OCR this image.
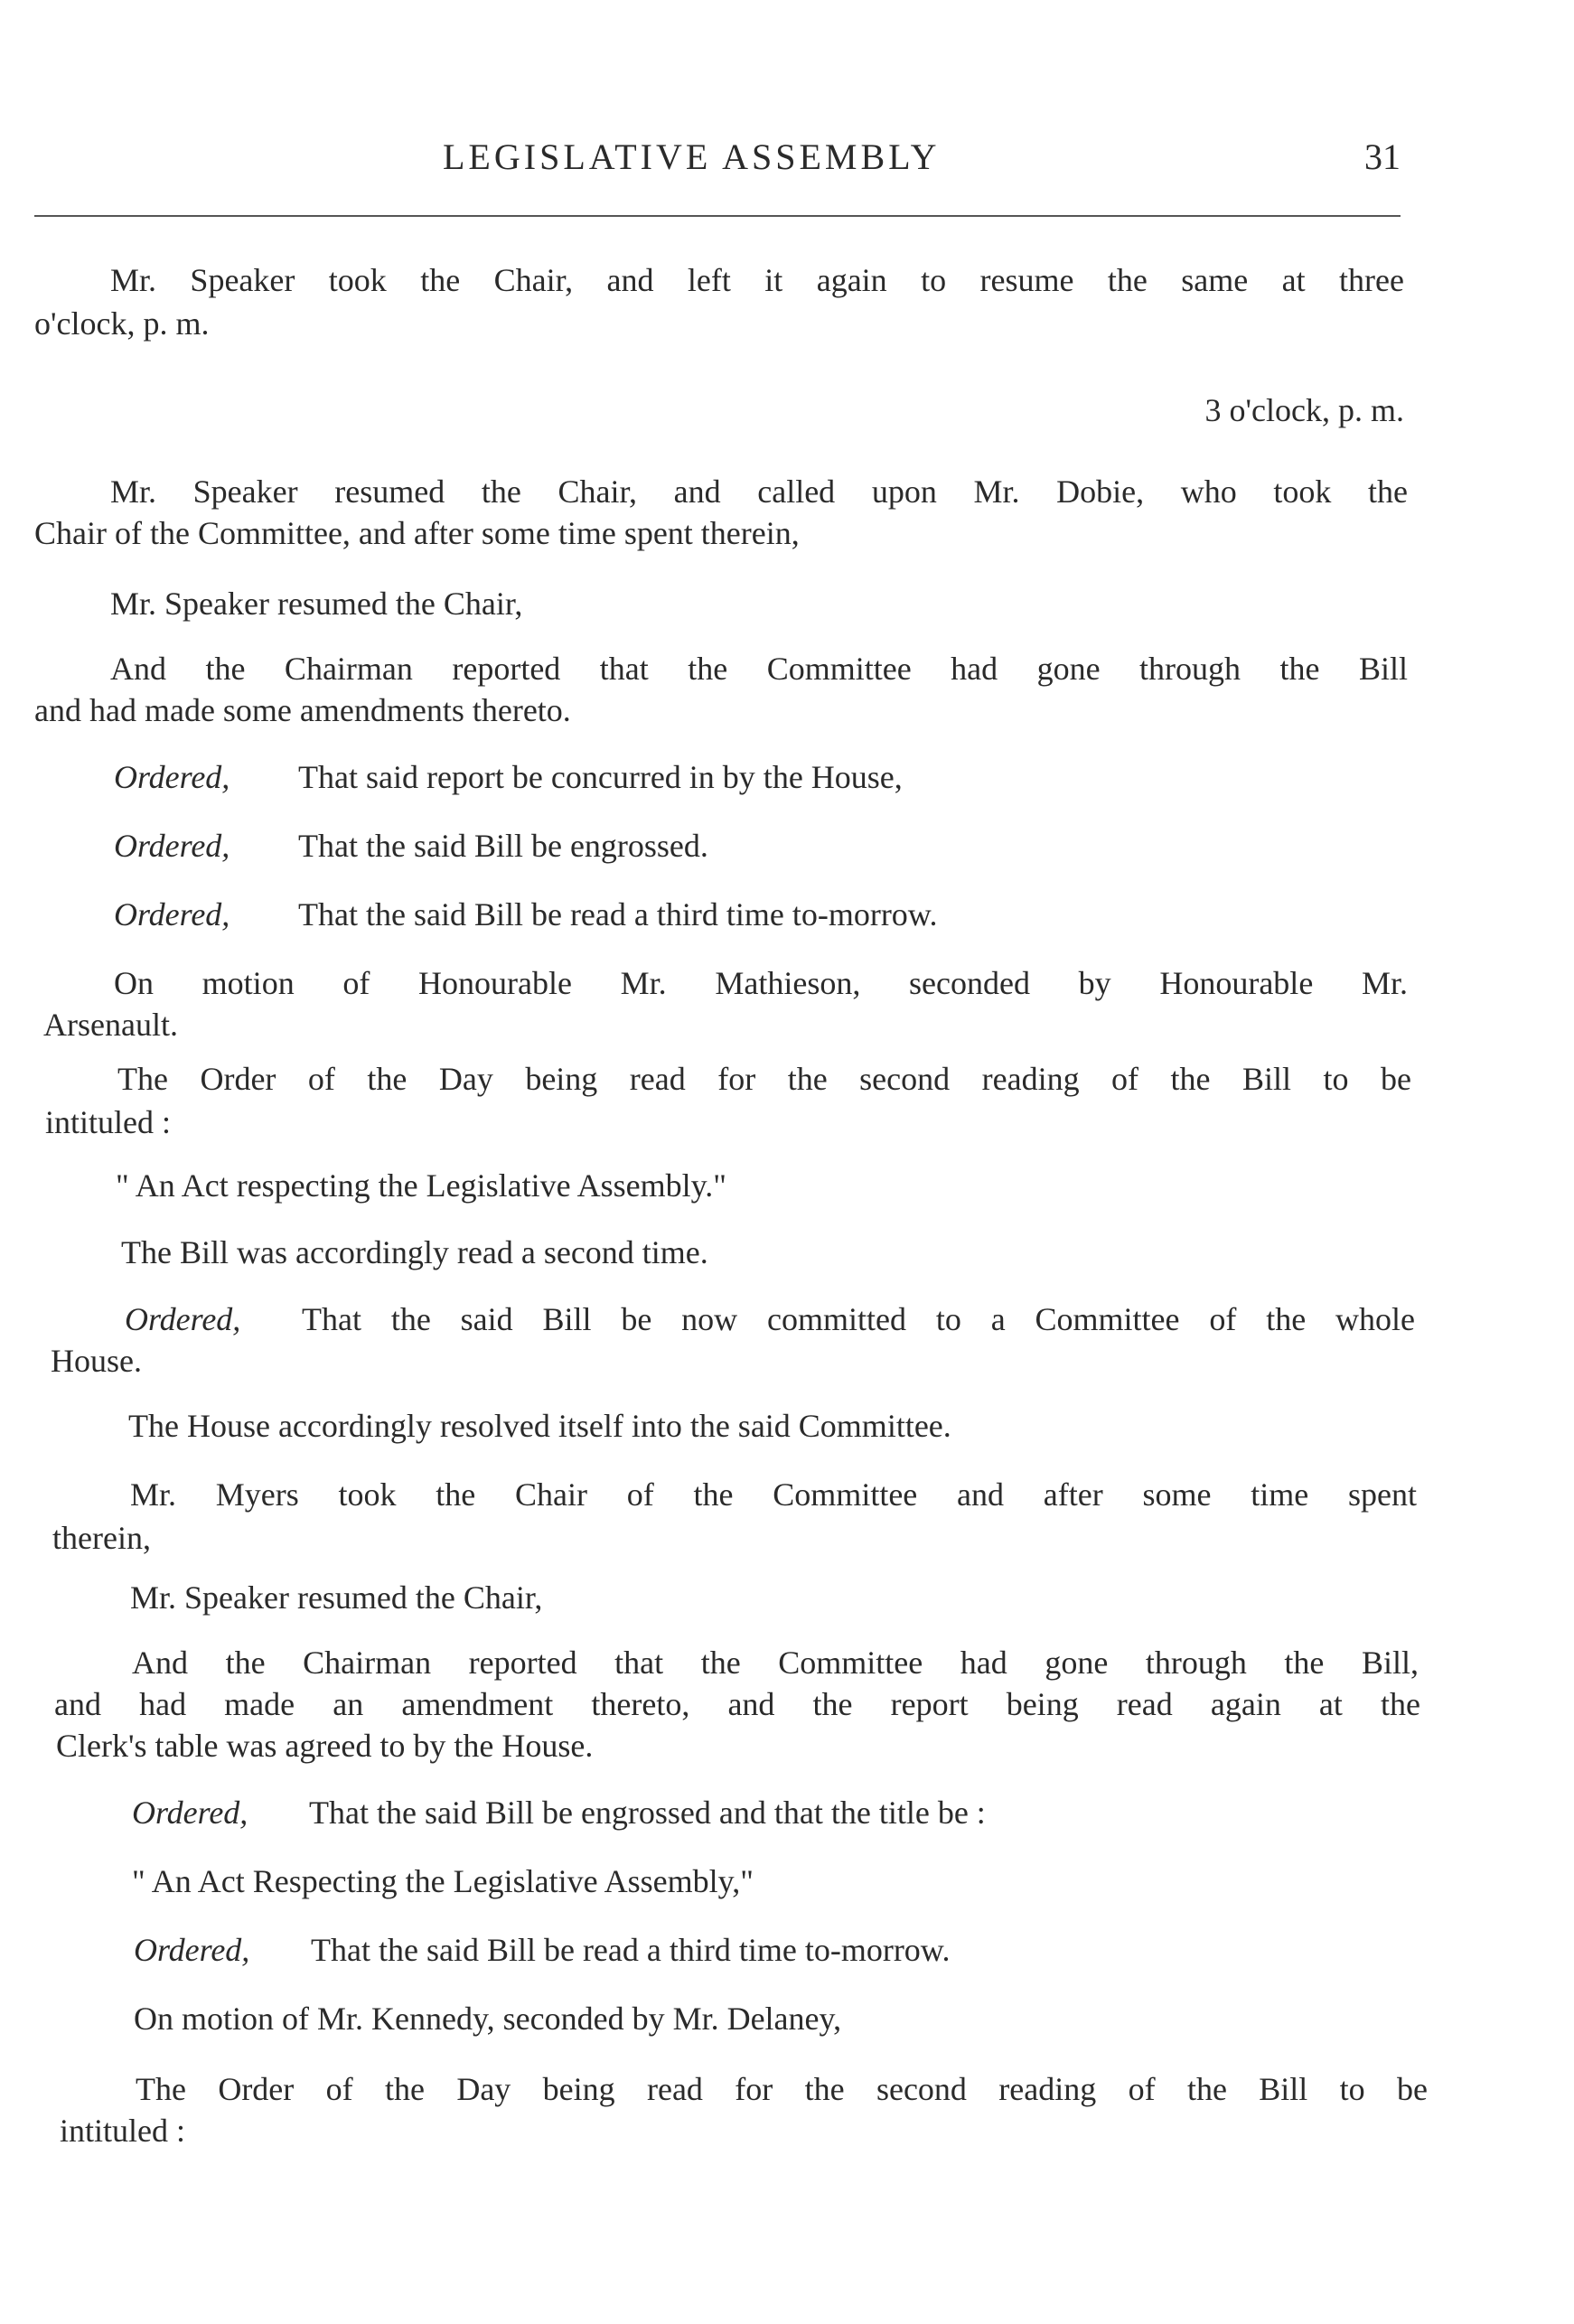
LEGISLATIVE ASSEMBLY	31
Mr. Speaker took the Chair, and left it again to resume the same at three
o'clock, p. m.
3 o'clock, p. m.
Mr. Speaker resumed the Chair, and called upon Mr. Dobie, who took the
Chair of the Committee, and after some time spent therein,
Mr. Speaker resumed the Chair,
And the Chairman reported that the Committee had gone through the Bill
and had made some amendments thereto.
Ordered, That said report be concurred in by the House,
Ordered, That the said Bill be engrossed.
Ordered, That the said Bill be read a third time to-morrow.
On motion of Honourable Mr. Mathieson, seconded by Honourable Mr.
Arsenault.
The Order of the Day being read for the second reading of the Bill to be
intituled :
" An Act respecting the Legislative Assembly."
The Bill was accordingly read a second time.
Ordered, That the said Bill be now committed to a Committee of the whole
House.
The House accordingly resolved itself into the said Committee.
Mr. Myers took the Chair of the Committee and after some time spent
therein,
Mr. Speaker resumed the Chair,
And the Chairman reported that the Committee had gone through the Bill,
and had made an amendment thereto, and the report being read again at the
Clerk's table was agreed to by the House.
Ordered, That the said Bill be engrossed and that the title be :
" An Act Respecting the Legislative Assembly,"
Ordered, That the said Bill be read a third time to-morrow.
On motion of Mr. Kennedy, seconded by Mr. Delaney,
The Order of the Day being read for the second reading of the Bill to be
intituled :
